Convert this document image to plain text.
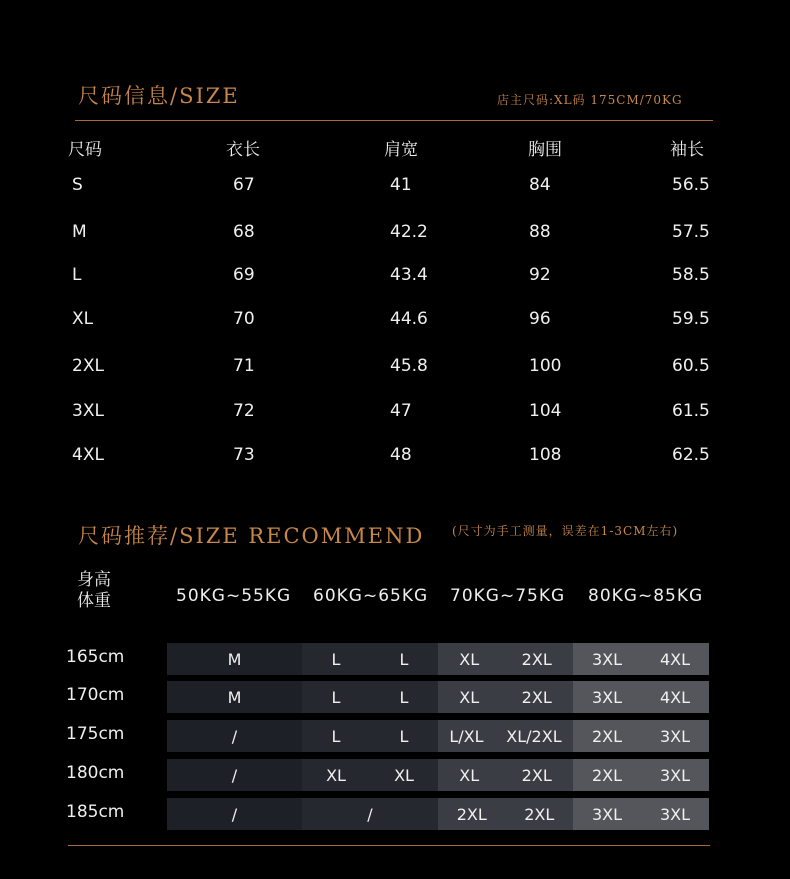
尺码信息/SIZE	店主尺码:XL码 175CM/70KG
尺码	衣长	肩宽	胸围	袖长
S	67	41	84	56.5
M	68	42.2	88	57.5
L	69	43.4	92	58.5
XL	70	44.6	96	59.5
2XL	71	45.8	100	60.5
3XL	72	47	104	61.5
4XL	73	48	108	62.5
尺码推荐/SIZE RECOMMEND (尺寸为手工测量，误差在1-3CM左右)
身高
体重	50KG~55KG 60KG~65KG 70KG~75KG 80KG~85KG
165cm	M	L	L	XL	2XL	3XL 4XL
170cm	M	L	L	XL	2XL	3XL 4XL
175cm	/	L	L	L/XL XL/2XL 2XL 3XL
180cm	/	XL	XL	XL	2XL	2XL 3XL
185cm	/	/	2XL 2XL 3XL 3XL
